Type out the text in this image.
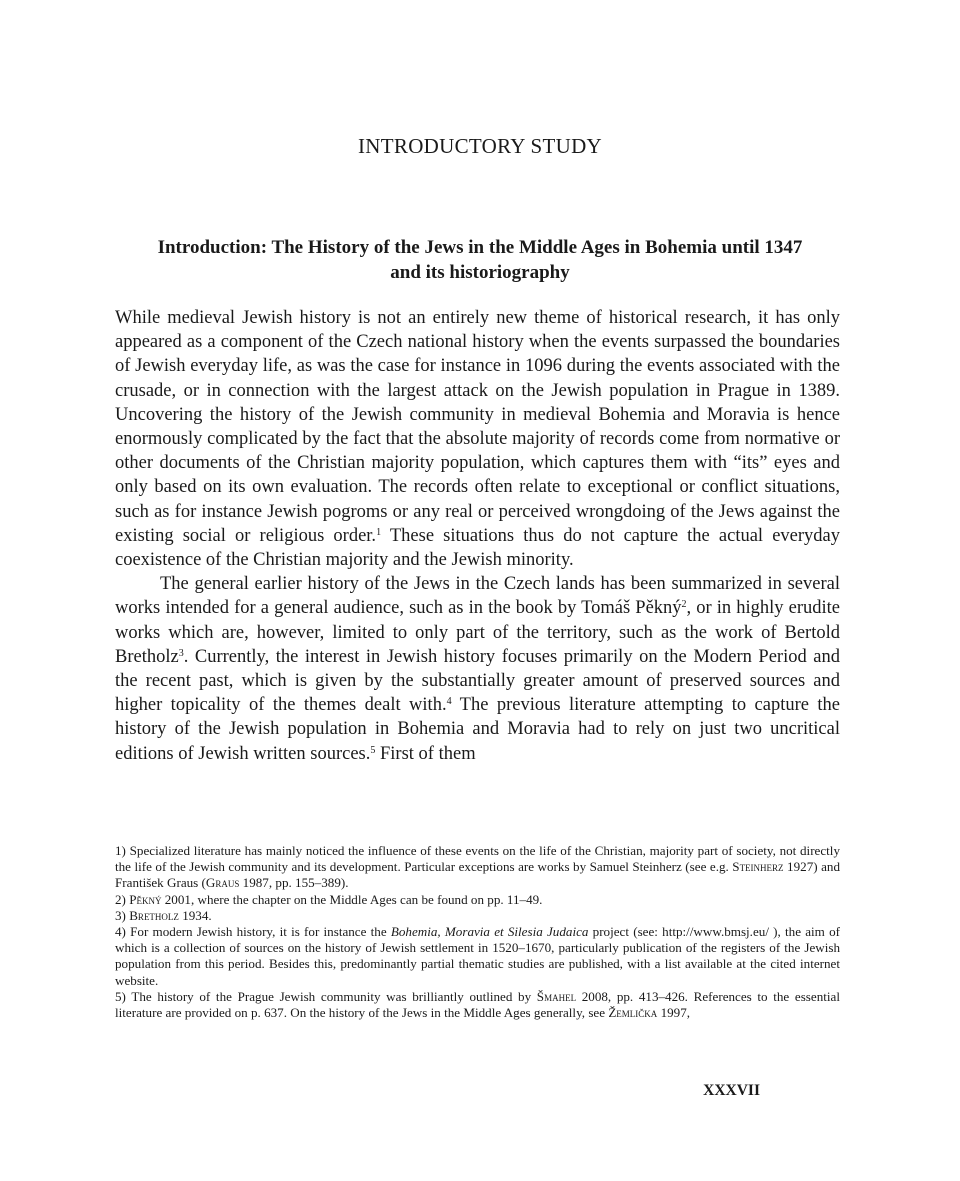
INTRODUCTORY STUDY
Introduction: The History of the Jews in the Middle Ages in Bohemia until 1347
and its historiography

While medieval Jewish history is not an entirely new theme of historical research, it has only appeared as a component of the Czech national history when the events surpassed the boundaries of Jewish everyday life, as was the case for instance in 1096 during the events associated with the crusade, or in connection with the largest attack on the Jewish population in Prague in 1389. Uncovering the history of the Jewish community in medieval Bohemia and Moravia is hence enormously complicated by the fact that the absolute majority of records come from normative or other documents of the Christian majority population, which captures them with “its” eyes and only based on its own evaluation. The records often relate to exceptional or conflict situations, such as for instance Jewish pogroms or any real or perceived wrongdoing of the Jews against the existing social or religious order.$^1$ These situations thus do not capture the actual everyday coexistence of the Christian majority and the Jewish minority.

The general earlier history of the Jews in the Czech lands has been summarized in several works intended for a general audience, such as in the book by Tomáš Pěkný$^2$, or in highly erudite works which are, however, limited to only part of the territory, such as the work of Bertold Bretholz$^3$. Currently, the interest in Jewish history focuses primarily on the Modern Period and the recent past, which is given by the substantially greater amount of preserved sources and higher topicality of the themes dealt with.$^4$ The previous literature attempting to capture the history of the Jewish population in Bohemia and Moravia had to rely on just two uncritical editions of Jewish written sources.$^5$ First of them

1) Specialized literature has mainly noticed the influence of these events on the life of the Christian, majority part of society, not directly the life of the Jewish community and its development. Particular exceptions are works by Samuel Steinherz (see e.g. Steinherz 1927) and František Graus (Graus 1987, pp. 155–389).

2) Pěkný 2001, where the chapter on the Middle Ages can be found on pp. 11–49.

3) Bretholz 1934.

4) For modern Jewish history, it is for instance the Bohemia, Moravia et Silesia Judaica project (see: http://www.bmsj.eu/ ), the aim of which is a collection of sources on the history of Jewish settlement in 1520–1670, particularly publication of the registers of the Jewish population from this period. Besides this, predominantly partial thematic studies are published, with a list available at the cited internet website.

5) The history of the Prague Jewish community was brilliantly outlined by Šmahel 2008, pp. 413–426. References to the essential literature are provided on p. 637. On the history of the Jews in the Middle Ages generally, see Žemlička 1997,

XXXVII
